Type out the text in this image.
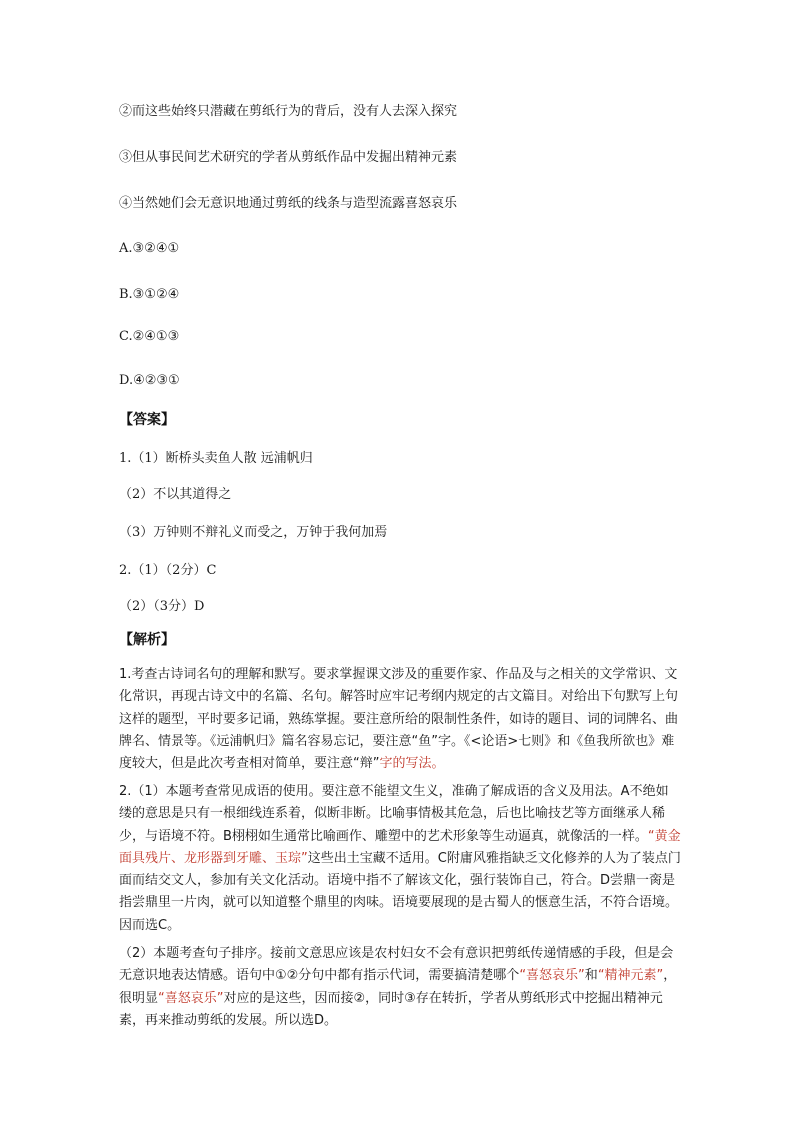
②而这些始终只潜藏在剪纸行为的背后，没有人去深入探究
③但从事民间艺术研究的学者从剪纸作品中发掘出精神元素
④当然她们会无意识地通过剪纸的线条与造型流露喜怒哀乐
A.③②④①
B.③①②④
C.②④①③
D.④②③①
【答案】
1.（1）断桥头卖鱼人散 远浦帆归
（2）不以其道得之
（3）万钟则不辩礼义而受之，万钟于我何加焉
2.（1）（2分）C
（2）（3分）D
【解析】

1.考查古诗词名句的理解和默写。要求掌握课文涉及的重要作家、作品及与之相关的文学常识、文化常识，再现古诗文中的名篇、名句。解答时应牢记考纲内规定的古文篇目。对给出下句默写上句这样的题型，平时要多记诵，熟练掌握。要注意所给的限制性条件，如诗的题目、词的词牌名、曲牌名、情景等。《远浦帆归》篇名容易忘记，要注意“鱼”字。《<论语>七则》和《鱼我所欲也》难度较大，但是此次考查相对简单，要注意“辩”字的写法。

2.（1）本题考查常见成语的使用。要注意不能望文生义，准确了解成语的含义及用法。A不绝如缕的意思是只有一根细线连系着，似断非断。比喻事情极其危急，后也比喻技艺等方面继承人稀少，与语境不符。B栩栩如生通常比喻画作、雕塑中的艺术形象等生动逼真，就像活的一样。“黄金面具残片、龙形器到牙雕、玉琮”这些出土宝藏不适用。C附庸风雅指缺乏文化修养的人为了装点门面而结交文人，参加有关文化活动。语境中指不了解该文化，强行装饰自己，符合。D尝鼎一脔是指尝鼎里一片肉，就可以知道整个鼎里的肉味。语境要展现的是古蜀人的惬意生活，不符合语境。因而选C。

（2）本题考查句子排序。接前文意思应该是农村妇女不会有意识把剪纸传递情感的手段，但是会无意识地表达情感。语句中①②分句中都有指示代词，需要搞清楚哪个“喜怒哀乐”和“精神元素”，很明显“喜怒哀乐”对应的是这些，因而接②，同时③存在转折，学者从剪纸形式中挖掘出精神元素，再来推动剪纸的发展。所以选D。
